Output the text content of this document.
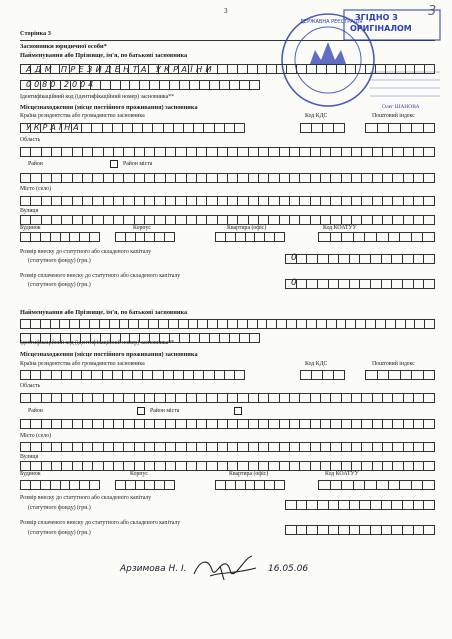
3	3
Сторінка 3
ЗГІДНО З
ОРИГІНАЛОМ
ДЕРЖАВНА РЕЄСТРАЦІЯ
Олег ШАНОВА
Засновники юридичної особи*
Найменування або Прізвище, ім'я, по батькові засновника
АДМ ПРЕЗИДЕНТА УКРАЇНИ
0080 2004
Ідентифікаційний код (ідентифікаційний номер) засновника**
Місцезнаходження (місце постійного проживання) засновника
Країна резидентства або громадянство засновника	Код КДС	Поштовий індекс
УКРАЇНА
Область
Район	Район міста
Місто (село)
Вулиця
Будинок	Корпус	Квартира (офіс)	Код КОАТУУ
Розмір внеску до статутного або складеного капіталу
(статутного фонду) (грн.)	0
Розмір сплаченого внеску до статутного або складеного капіталу
(статутного фонду) (грн.)	0
Найменування або Прізвище, ім'я, по батькові засновника
Ідентифікаційний код (ідентифікаційний номер) засновника**
Місцезнаходження (місце постійного проживання) засновника
Країна резидентства або громадянство засновника	Код КДС	Поштовий індекс
Область
Район	Район міста
Місто (село)
Вулиця
Будинок	Корпус	Квартира (офіс)	Код КОАТУУ
Розмір внеску до статутного або складеного капіталу
(статутного фонду) (грн.)
Розмір сплаченого внеску до статутного або складеного капіталу
(статутного фонду) (грн.)
Арзимова Н. І.	16.05.06
